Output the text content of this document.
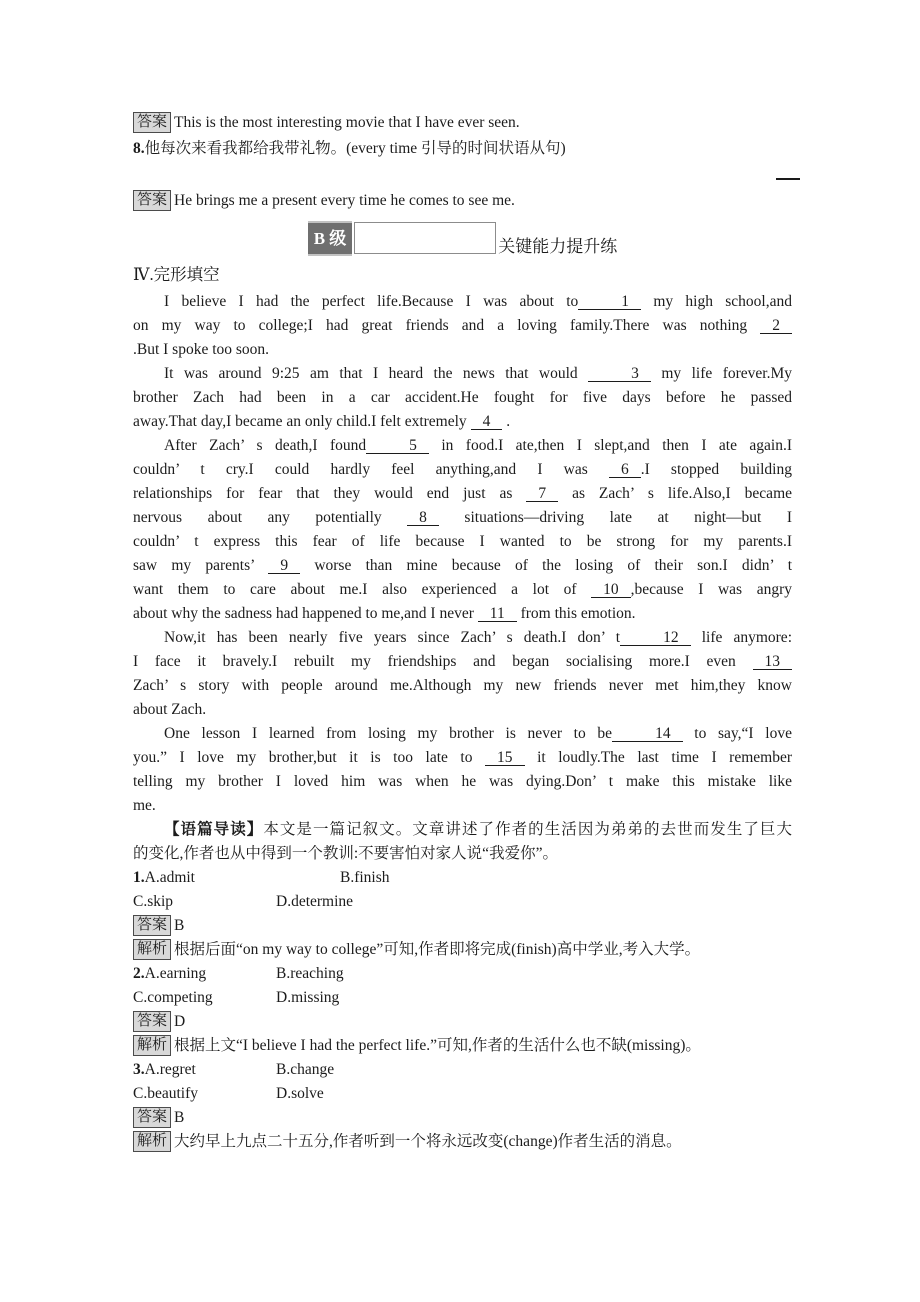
答案 This is the most interesting movie that I have ever seen.
8.他每次来看我都给我带礼物。(every time 引导的时间状语从句)
答案 He brings me a present every time he comes to see me.
B 级	关键能力提升练
Ⅳ.完形填空
I believe I had the perfect life.Because I was about to	1 my high school,and
on my way to college;I had great friends and a loving family.There was nothing 2
.But I spoke too soon.
It was around 9:25 am that I heard the news that would	3 my life forever.My
brother Zach had been in a car accident.He fought for five days before he passed
away.That day,I became an only child.I felt extremely 4 .
After Zach’ s death,I found	5 in food.I ate,then I slept,and then I ate again.I
couldn’ t cry.I could hardly feel anything,and I was 6 .I stopped building
relationships for fear that they would end just as 7 as Zach’ s life.Also,I became
nervous about any potentially 8 situations—driving late at night—but I
couldn’ t express this fear of life because I wanted to be strong for my parents.I
saw my parents’ 9 worse than mine because of the losing of their son.I didn’ t
want them to care about me.I also experienced a lot of 10 ,because I was angry
about why the sadness had happened to me,and I never 11 from this emotion.
Now,it has been nearly five years since Zach’ s death.I don’ t	12 life anymore:
I face it bravely.I rebuilt my friendships and began socialising more.I even 13
Zach’ s story with people around me.Although my new friends never met him,they know
about Zach.
One lesson I learned from losing my brother is never to be	14 to say,“I love
you.” I love my brother,but it is too late to 15 it loudly.The last time I remember
telling my brother I loved him was when he was dying.Don’ t make this mistake like
me.
【语篇导读】本文是一篇记叙文。文章讲述了作者的生活因为弟弟的去世而发生了巨大
的变化,作者也从中得到一个教训:不要害怕对家人说“我爱你”。
1.A.admit	B.finish
C.skip	D.determine
答案 B
解析 根据后面“on my way to college”可知,作者即将完成(finish)高中学业,考入大学。
2.A.earning	B.reaching
C.competing	D.missing
答案 D
解析 根据上文“I believe I had the perfect life.”可知,作者的生活什么也不缺(missing)。
3.A.regret	B.change
C.beautify	D.solve
答案 B
解析 大约早上九点二十五分,作者听到一个将永远改变(change)作者生活的消息。
